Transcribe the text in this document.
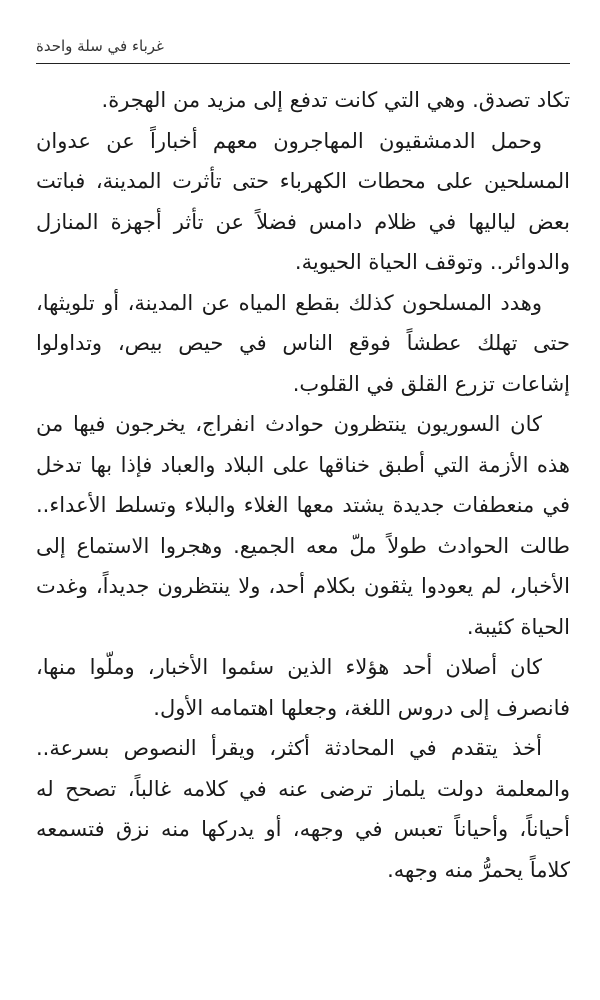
غرباء في سلة واحدة

تكاد تصدق. وهي التي كانت تدفع إلى مزيد من الهجرة.

وحمل الدمشقيون المهاجرون معهم أخباراً عن عدوان المسلحين على محطات الكهرباء حتى تأثرت المدينة، فباتت بعض لياليها في ظلام دامس فضلاً عن تأثر أجهزة المنازل والدوائر.. وتوقف الحياة الحيوية.

وهدد المسلحون كذلك بقطع المياه عن المدينة، أو تلويثها، حتى تهلك عطشاً فوقع الناس في حيص بيص، وتداولوا إشاعات تزرع القلق في القلوب.

كان السوريون ينتظرون حوادث انفراج، يخرجون فيها من هذه الأزمة التي أطبق خناقها على البلاد والعباد فإذا بها تدخل في منعطفات جديدة يشتد معها الغلاء والبلاء وتسلط الأعداء.. طالت الحوادث طولاً ملّ معه الجميع. وهجروا الاستماع إلى الأخبار، لم يعودوا يثقون بكلام أحد، ولا ينتظرون جديداً، وغدت الحياة كئيبة.

كان أصلان أحد هؤلاء الذين سئموا الأخبار، وملّوا منها، فانصرف إلى دروس اللغة، وجعلها اهتمامه الأول.

أخذ يتقدم في المحادثة أكثر، ويقرأ النصوص بسرعة.. والمعلمة دولت يلماز ترضى عنه في كلامه غالباً، تصحح له أحياناً، وأحياناً تعبس في وجهه، أو يدركها منه نزق فتسمعه كلاماً يحمرُّ منه وجهه.
